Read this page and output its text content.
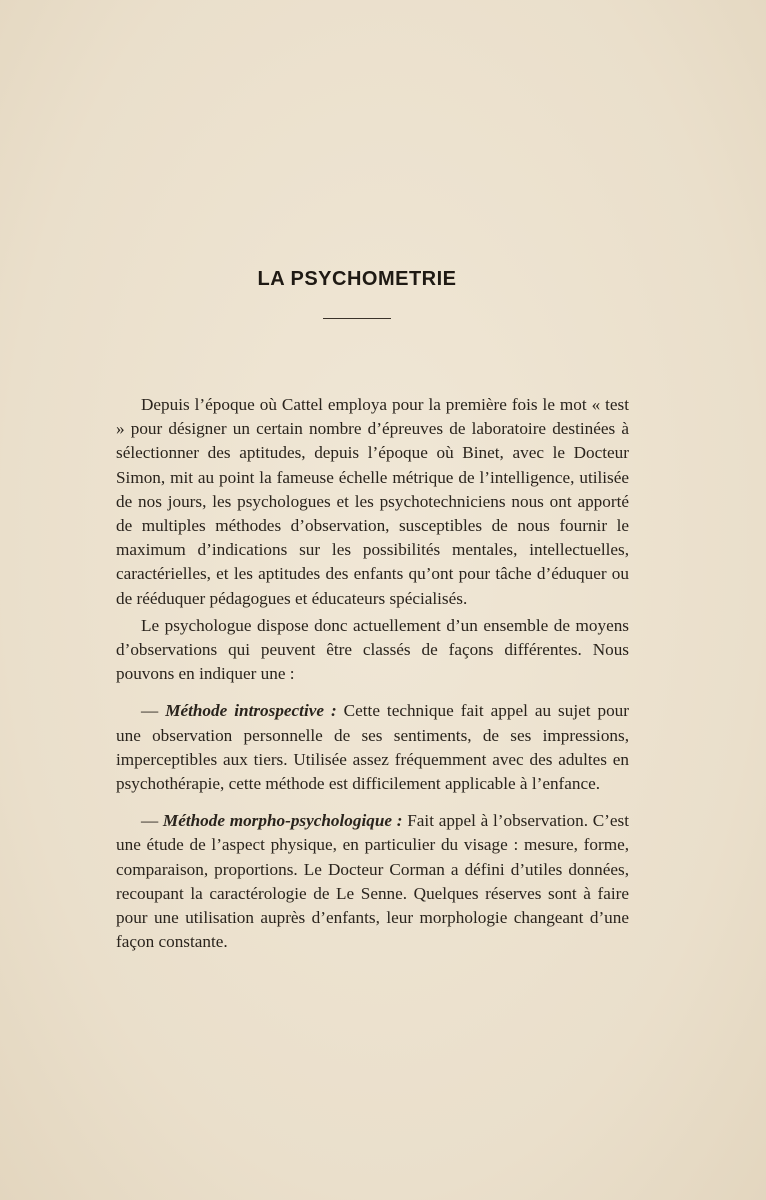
LA PSYCHOMETRIE

Depuis l’époque où Cattel employa pour la première fois le mot « test » pour désigner un certain nombre d’épreuves de laboratoire destinées à sélectionner des aptitudes, depuis l’époque où Binet, avec le Docteur Simon, mit au point la fameuse échelle métrique de l’intelligence, utilisée de nos jours, les psychologues et les psychotechniciens nous ont apporté de multiples méthodes d’observation, susceptibles de nous fournir le maximum d’indications sur les possibilités mentales, intellectuelles, caractérielles, et les aptitudes des enfants qu’ont pour tâche d’éduquer ou de rééduquer pédagogues et éducateurs spécialisés.

Le psychologue dispose donc actuellement d’un ensemble de moyens d’observations qui peuvent être classés de façons différentes. Nous pouvons en indiquer une :

— Méthode introspective : Cette technique fait appel au sujet pour une observation personnelle de ses sentiments, de ses impressions, imperceptibles aux tiers. Utilisée assez fréquemment avec des adultes en psychothérapie, cette méthode est difficilement applicable à l’enfance.

— Méthode morpho-psychologique : Fait appel à l’observation. C’est une étude de l’aspect physique, en particulier du visage : mesure, forme, comparaison, proportions. Le Docteur Corman a défini d’utiles données, recoupant la caractérologie de Le Senne. Quelques réserves sont à faire pour une utilisation auprès d’enfants, leur morphologie changeant d’une façon constante.
